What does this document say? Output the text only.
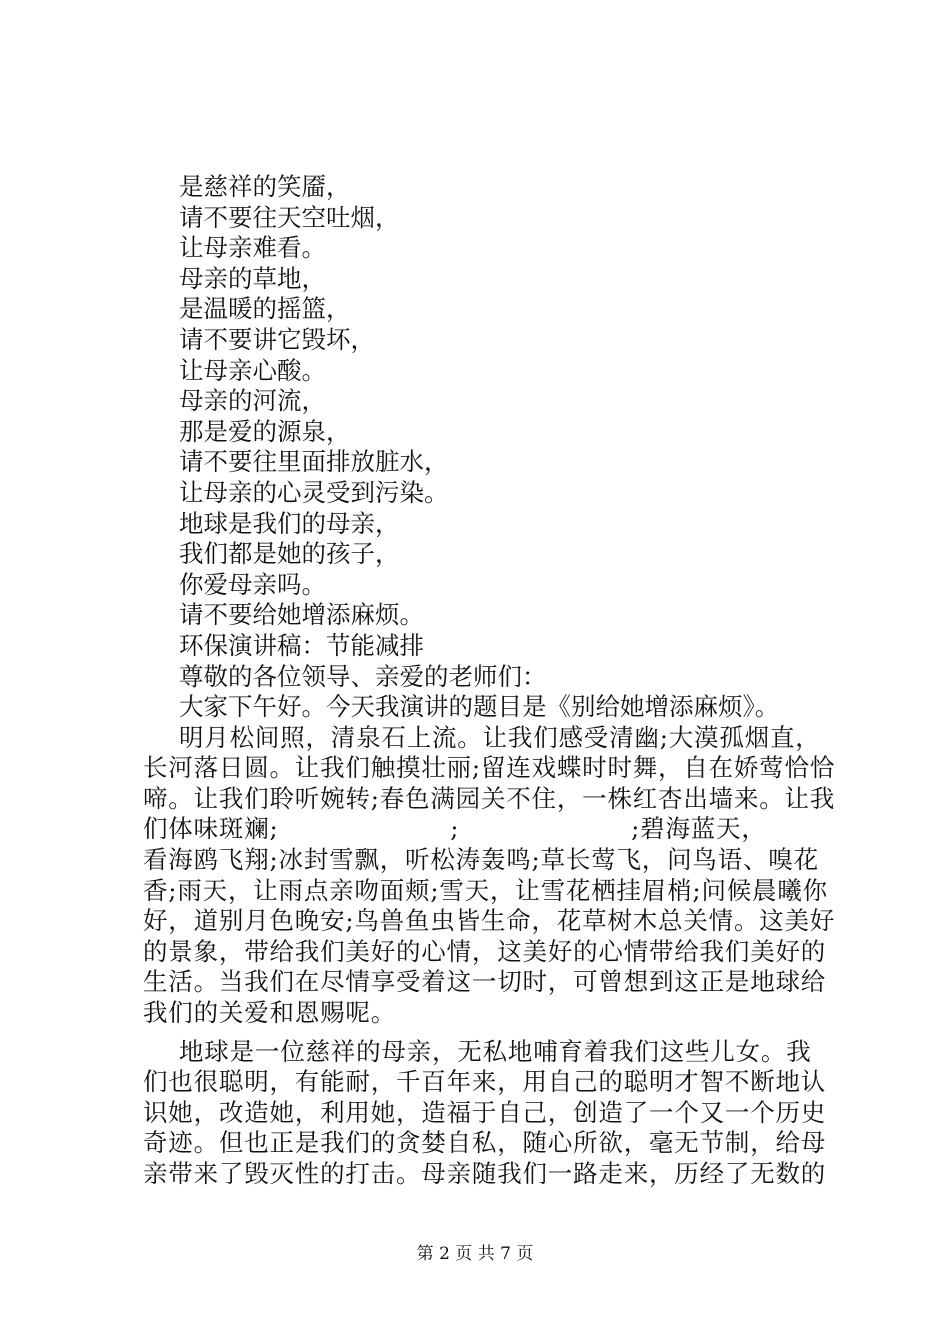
是慈祥的笑靥，
请不要往天空吐烟，
让母亲难看。
母亲的草地，
是温暖的摇篮，
请不要讲它毁坏，
让母亲心酸。
母亲的河流，
那是爱的源泉，
请不要往里面排放脏水，
让母亲的心灵受到污染。
地球是我们的母亲，
我们都是她的孩子，
你爱母亲吗。
请不要给她增添麻烦。
环保演讲稿：节能减排
尊敬的各位领导、亲爱的老师们：
大家下午好。今天我演讲的题目是《别给她增添麻烦》。
明月松间照，清泉石上流。让我们感受清幽;大漠孤烟直，
长河落日圆。让我们触摸壮丽;留连戏蝶时时舞，自在娇莺恰恰
啼。让我们聆听婉转;春色满园关不住，一株红杏出墙来。让我
们体味斑斓;                    ;                    ;碧海蓝天，
看海鸥飞翔;冰封雪飘，听松涛轰鸣;草长莺飞，问鸟语、嗅花
香;雨天，让雨点亲吻面颊;雪天，让雪花栖挂眉梢;问候晨曦你
好，道别月色晚安;鸟兽鱼虫皆生命，花草树木总关情。这美好
的景象，带给我们美好的心情，这美好的心情带给我们美好的
生活。当我们在尽情享受着这一切时，可曾想到这正是地球给
我们的关爱和恩赐呢。
地球是一位慈祥的母亲，无私地哺育着我们这些儿女。我
们也很聪明，有能耐，千百年来，用自己的聪明才智不断地认
识她，改造她，利用她，造福于自己，创造了一个又一个历史
奇迹。但也正是我们的贪婪自私，随心所欲，毫无节制，给母
亲带来了毁灭性的打击。母亲随我们一路走来，历经了无数的
第 2 页 共 7 页
